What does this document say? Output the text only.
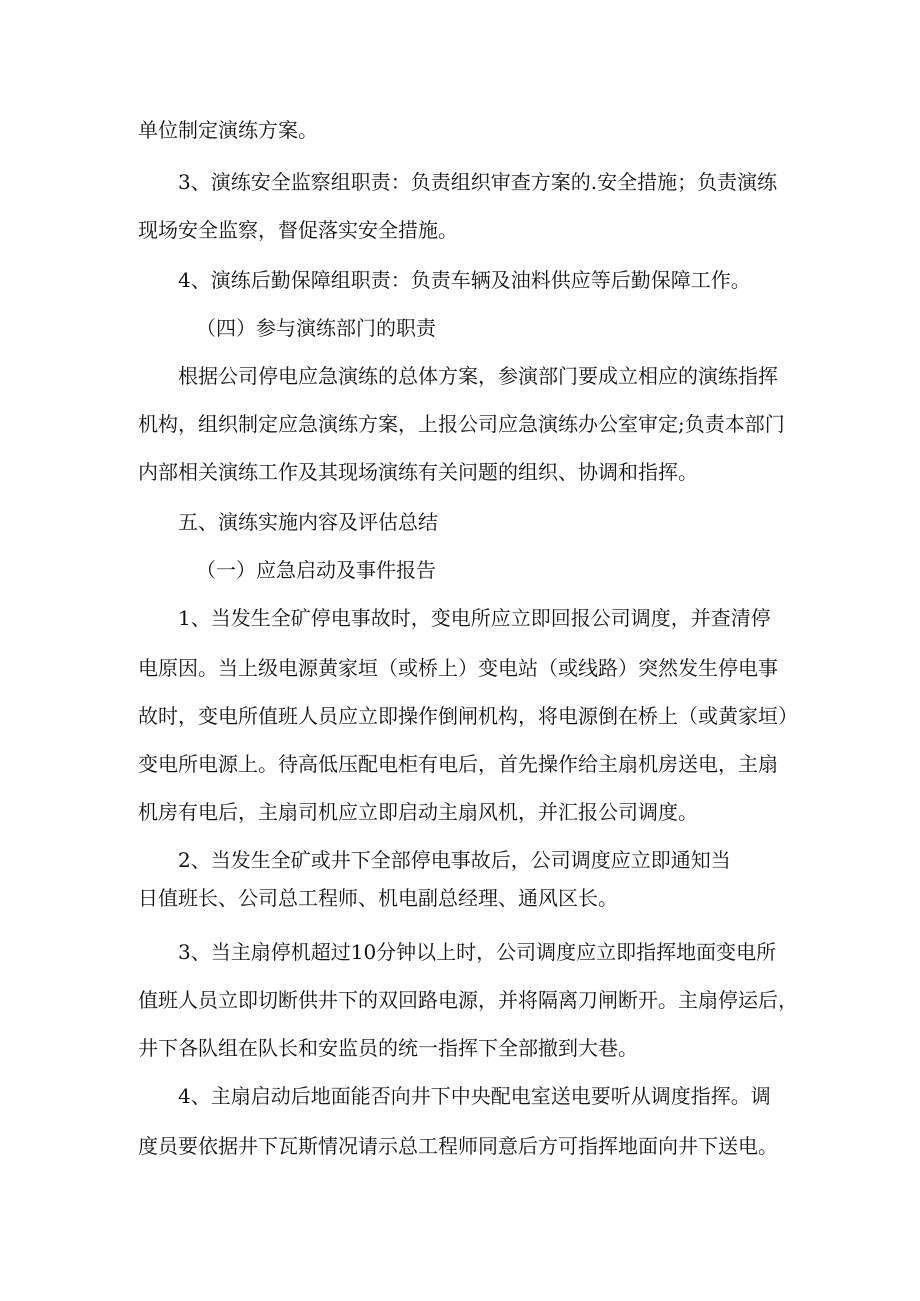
单位制定演练方案。
3、演练安全监察组职责：负责组织审查方案的.安全措施；负责演练
现场安全监察，督促落实安全措施。
4、演练后勤保障组职责：负责车辆及油料供应等后勤保障工作。
（四）参与演练部门的职责
根据公司停电应急演练的总体方案，参演部门要成立相应的演练指挥
机构，组织制定应急演练方案，上报公司应急演练办公室审定;负责本部门
内部相关演练工作及其现场演练有关问题的组织、协调和指挥。
五、演练实施内容及评估总结
（一）应急启动及事件报告
1、当发生全矿停电事故时，变电所应立即回报公司调度，并查清停
电原因。当上级电源黄家垣（或桥上）变电站（或线路）突然发生停电事
故时，变电所值班人员应立即操作倒闸机构，将电源倒在桥上（或黄家垣）
变电所电源上。待高低压配电柜有电后，首先操作给主扇机房送电，主扇
机房有电后，主扇司机应立即启动主扇风机，并汇报公司调度。
2、当发生全矿或井下全部停电事故后，公司调度应立即通知当
日值班长、公司总工程师、机电副总经理、通风区长。
3、当主扇停机超过10分钟以上时，公司调度应立即指挥地面变电所
值班人员立即切断供井下的双回路电源，并将隔离刀闸断开。主扇停运后，
井下各队组在队长和安监员的统一指挥下全部撤到大巷。
4、主扇启动后地面能否向井下中央配电室送电要听从调度指挥。调
度员要依据井下瓦斯情况请示总工程师同意后方可指挥地面向井下送电。
